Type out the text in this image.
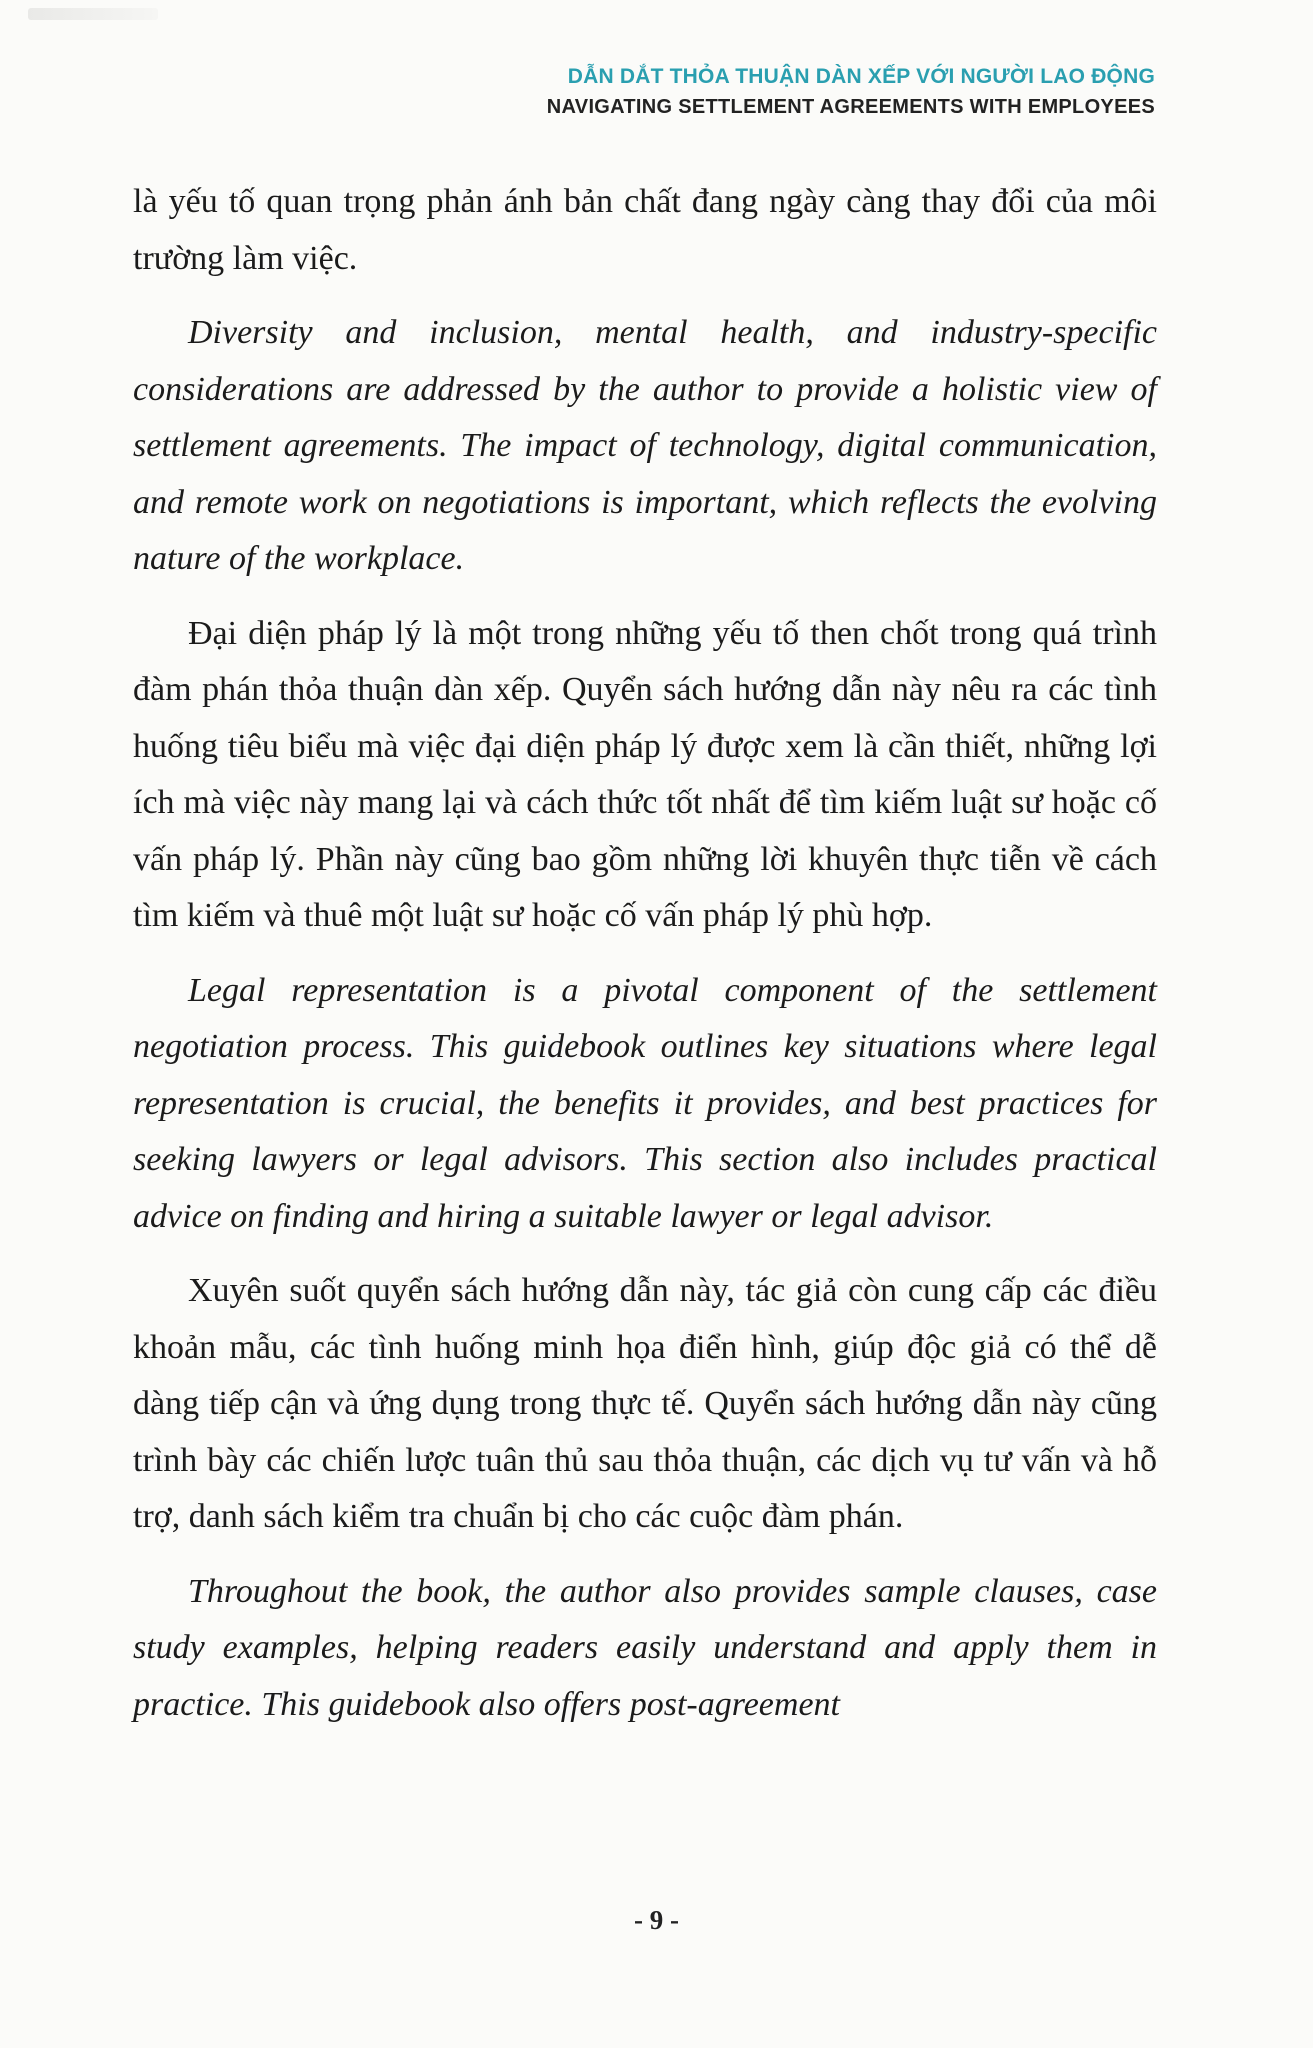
DẪN DẮT THỎA THUẬN DÀN XẾP VỚI NGƯỜI LAO ĐỘNG
NAVIGATING SETTLEMENT AGREEMENTS WITH EMPLOYEES

là yếu tố quan trọng phản ánh bản chất đang ngày càng thay đổi của môi trường làm việc.

Diversity and inclusion, mental health, and industry-specific considerations are addressed by the author to provide a holistic view of settlement agreements. The impact of technology, digital communication, and remote work on negotiations is important, which reflects the evolving nature of the workplace.

Đại diện pháp lý là một trong những yếu tố then chốt trong quá trình đàm phán thỏa thuận dàn xếp. Quyển sách hướng dẫn này nêu ra các tình huống tiêu biểu mà việc đại diện pháp lý được xem là cần thiết, những lợi ích mà việc này mang lại và cách thức tốt nhất để tìm kiếm luật sư hoặc cố vấn pháp lý. Phần này cũng bao gồm những lời khuyên thực tiễn về cách tìm kiếm và thuê một luật sư hoặc cố vấn pháp lý phù hợp.

Legal representation is a pivotal component of the settlement negotiation process. This guidebook outlines key situations where legal representation is crucial, the benefits it provides, and best practices for seeking lawyers or legal advisors. This section also includes practical advice on finding and hiring a suitable lawyer or legal advisor.

Xuyên suốt quyển sách hướng dẫn này, tác giả còn cung cấp các điều khoản mẫu, các tình huống minh họa điển hình, giúp độc giả có thể dễ dàng tiếp cận và ứng dụng trong thực tế. Quyển sách hướng dẫn này cũng trình bày các chiến lược tuân thủ sau thỏa thuận, các dịch vụ tư vấn và hỗ trợ, danh sách kiểm tra chuẩn bị cho các cuộc đàm phán.

Throughout the book, the author also provides sample clauses, case study examples, helping readers easily understand and apply them in practice. This guidebook also offers post-agreement

- 9 -
